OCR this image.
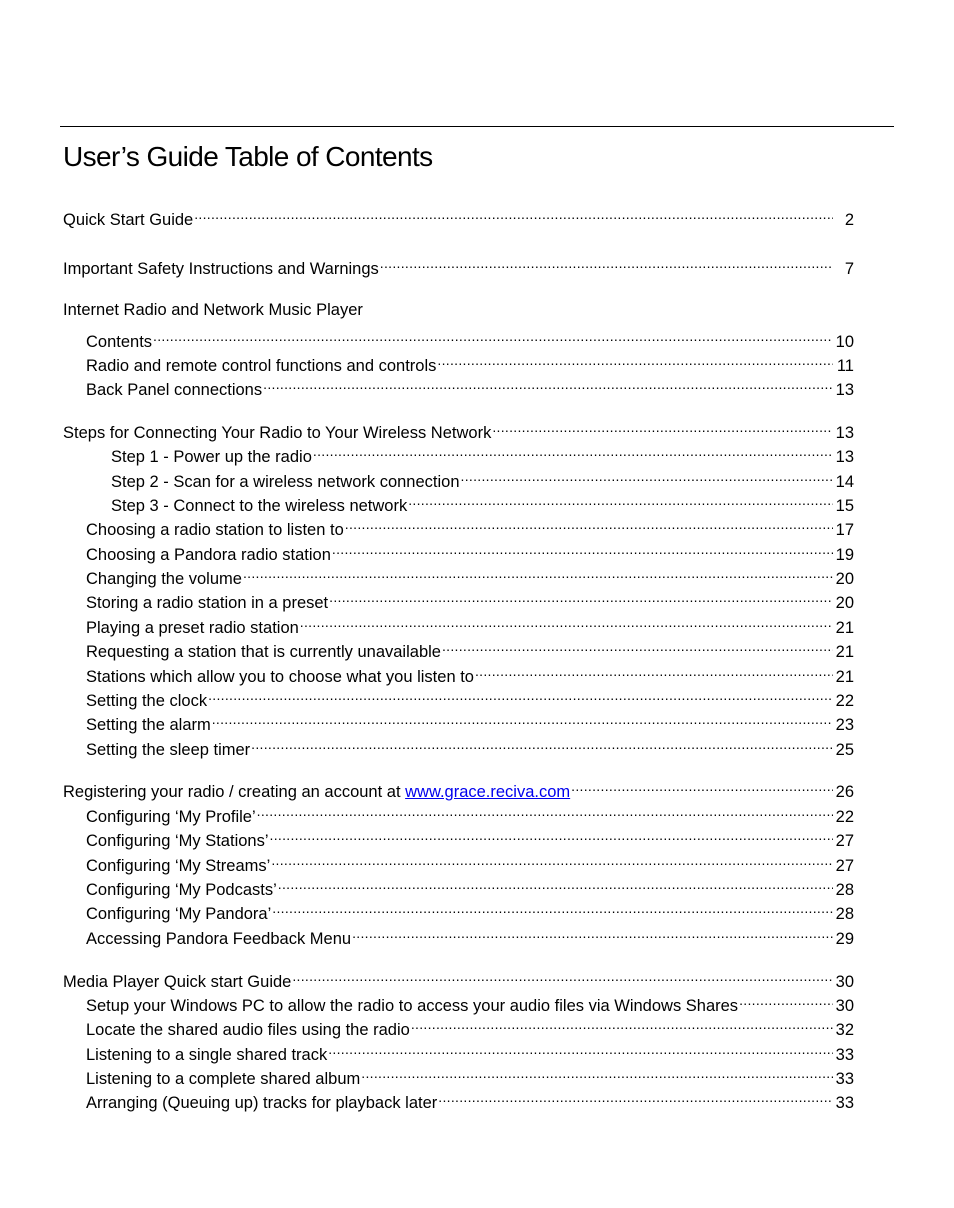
User’s Guide Table of Contents
Quick Start Guide .....	2
Important Safety Instructions and Warnings .....	7
Internet Radio and Network Music Player
Contents .....	10
Radio and remote control functions and controls .....	11
Back Panel connections .....	13
Steps for Connecting Your Radio to Your Wireless Network .....	13
Step 1 - Power up the radio .....	13
Step 2 - Scan for a wireless network connection .....	14
Step 3 - Connect to the wireless network .....	15
Choosing a radio station to listen to .....	17
Choosing a Pandora radio station .....	19
Changing the volume .....	20
Storing a radio station in a preset .....	20
Playing a preset radio station .....	21
Requesting a station that is currently unavailable .....	21
Stations which allow you to choose what you listen to .....	21
Setting the clock .....	22
Setting the alarm .....	23
Setting the sleep timer .....	25
Registering your radio / creating an account at www.grace.reciva.com .....	26
Configuring ‘My Profile’ .....	22
Configuring ‘My Stations’ .....	27
Configuring ‘My Streams’ .....	27
Configuring ‘My Podcasts’ .....	28
Configuring ‘My Pandora’ .....	28
Accessing Pandora Feedback Menu .....	29
Media Player Quick start Guide .....	30
Setup your Windows PC to allow the radio to access your audio files via Windows Shares .....	30
Locate the shared audio files using the radio .....	32
Listening to a single shared track .....	33
Listening to a complete shared album .....	33
Arranging (Queuing up) tracks for playback later .....	33
